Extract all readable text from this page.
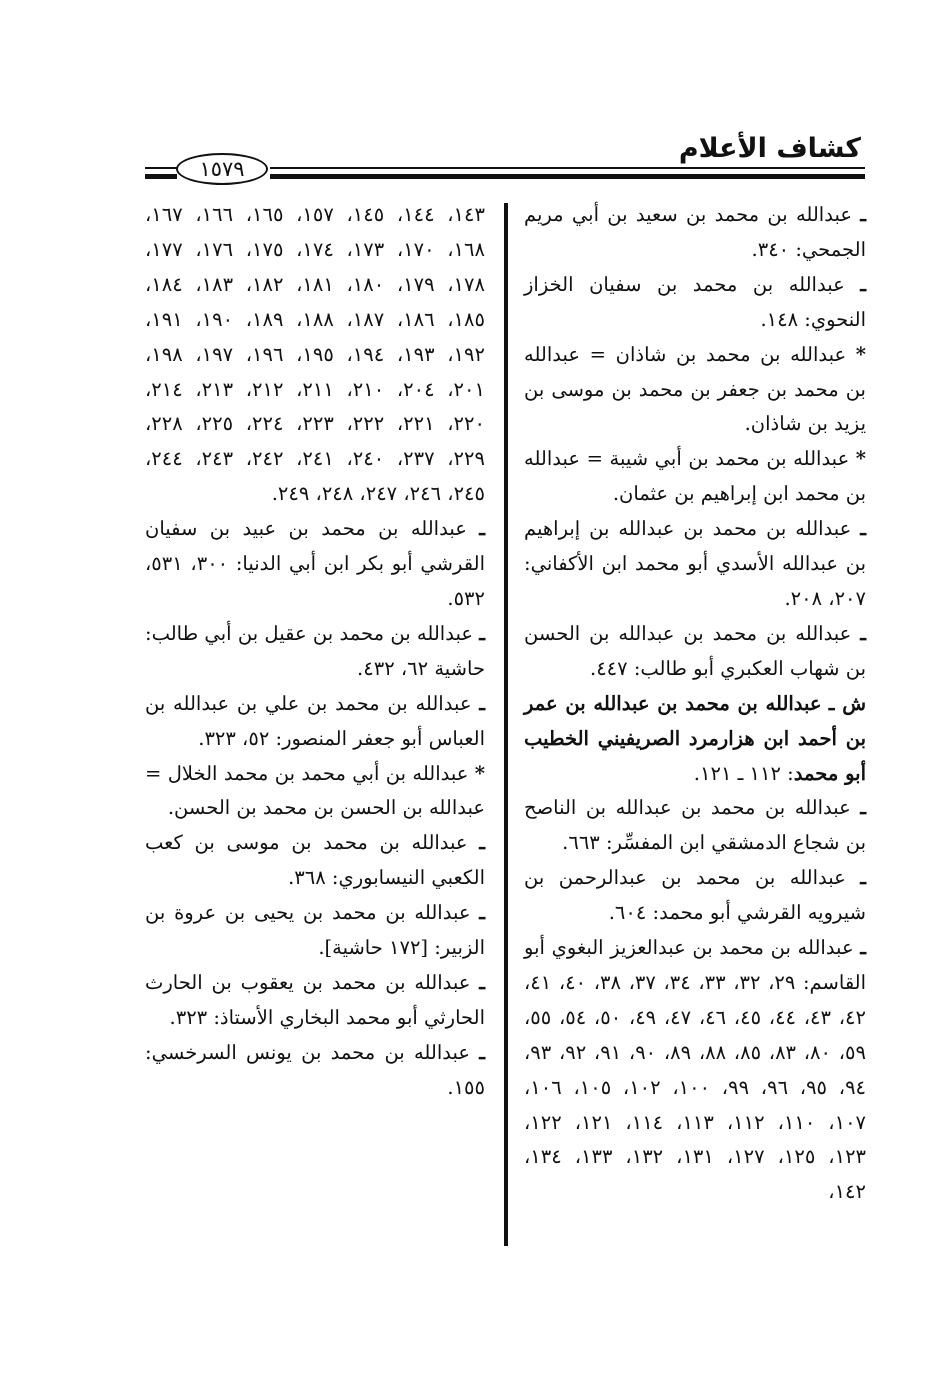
كشاف الأعلام
١٥٧٩

ـ عبدالله بن محمد بن سعيد بن أبي مريم الجمحي: ٣٤٠.

ـ عبدالله بن محمد بن سفيان الخزاز النحوي: ١٤٨.

* عبدالله بن محمد بن شاذان = عبدالله بن محمد بن جعفر بن محمد بن موسى بن يزيد بن شاذان.

* عبدالله بن محمد بن أبي شيبة = عبدالله بن محمد ابن إبراهيم بن عثمان.

ـ عبدالله بن محمد بن عبدالله بن إبراهيم بن عبدالله الأسدي أبو محمد ابن الأكفاني: ٢٠٧، ٢٠٨.

ـ عبدالله بن محمد بن عبدالله بن الحسن بن شهاب العكبري أبو طالب: ٤٤٧.

ش ـ عبدالله بن محمد بن عبدالله بن عمر بن أحمد ابن هزارمرد الصريفيني الخطيب أبو محمد: ١١٢ ـ ١٢١.

ـ عبدالله بن محمد بن عبدالله بن الناصح بن شجاع الدمشقي ابن المفسِّر: ٦٦٣.

ـ عبدالله بن محمد بن عبدالرحمن بن شيرويه القرشي أبو محمد: ٦٠٤.

ـ عبدالله بن محمد بن عبدالعزيز البغوي أبو القاسم: ٢٩، ٣٢، ٣٣، ٣٤، ٣٧، ٣٨، ٤٠، ٤١، ٤٢، ٤٣، ٤٤، ٤٥، ٤٦، ٤٧، ٤٩، ٥٠، ٥٤، ٥٥، ٥٩، ٨٠، ٨٣، ٨٥، ٨٨، ٨٩، ٩٠، ٩١، ٩٢، ٩٣، ٩٤، ٩٥، ٩٦، ٩٩، ١٠٠، ١٠٢، ١٠٥، ١٠٦، ١٠٧، ١١٠، ١١٢، ١١٣، ١١٤، ١٢١، ١٢٢، ١٢٣، ١٢٥، ١٢٧، ١٣١، ١٣٢، ١٣٣، ١٣٤، ١٤٢،

١٤٣، ١٤٤، ١٤٥، ١٥٧، ١٦٥، ١٦٦، ١٦٧، ١٦٨، ١٧٠، ١٧٣، ١٧٤، ١٧٥، ١٧٦، ١٧٧، ١٧٨، ١٧٩، ١٨٠، ١٨١، ١٨٢، ١٨٣، ١٨٤، ١٨٥، ١٨٦، ١٨٧، ١٨٨، ١٨٩، ١٩٠، ١٩١، ١٩٢، ١٩٣، ١٩٤، ١٩٥، ١٩٦، ١٩٧، ١٩٨، ٢٠١، ٢٠٤، ٢١٠، ٢١١، ٢١٢، ٢١٣، ٢١٤، ٢٢٠، ٢٢١، ٢٢٢، ٢٢٣، ٢٢٤، ٢٢٥، ٢٢٨، ٢٢٩، ٢٣٧، ٢٤٠، ٢٤١، ٢٤٢، ٢٤٣، ٢٤٤، ٢٤٥، ٢٤٦، ٢٤٧، ٢٤٨، ٢٤٩.

ـ عبدالله بن محمد بن عبيد بن سفيان القرشي أبو بكر ابن أبي الدنيا: ٣٠٠، ٥٣١، ٥٣٢.

ـ عبدالله بن محمد بن عقيل بن أبي طالب: حاشية ٦٢، ٤٣٢.

ـ عبدالله بن محمد بن علي بن عبدالله بن العباس أبو جعفر المنصور: ٥٢، ٣٢٣.

* عبدالله بن أبي محمد بن محمد الخلال = عبدالله بن الحسن بن محمد بن الحسن.

ـ عبدالله بن محمد بن موسى بن كعب الكعبي النيسابوري: ٣٦٨.

ـ عبدالله بن محمد بن يحيى بن عروة بن الزبير: [١٧٢ حاشية].

ـ عبدالله بن محمد بن يعقوب بن الحارث الحارثي أبو محمد البخاري الأستاذ: ٣٢٣.

ـ عبدالله بن محمد بن يونس السرخسي: ١٥٥.
